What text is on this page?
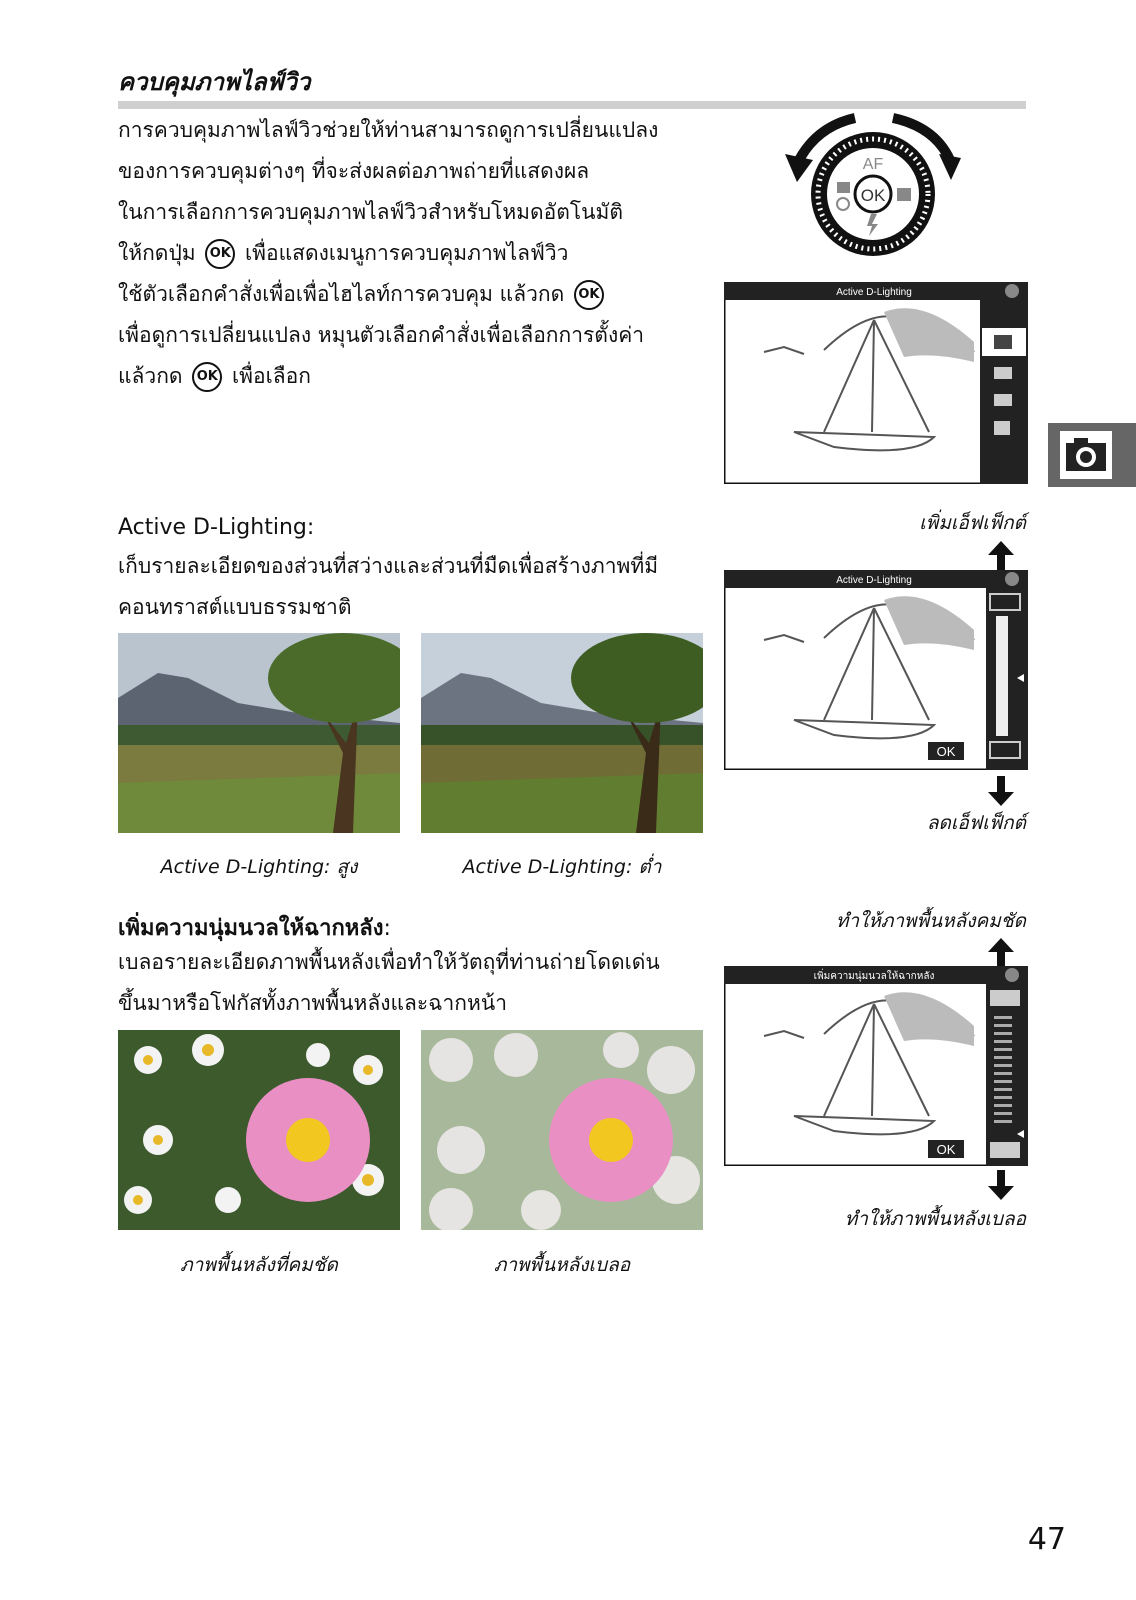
ควบคุมภาพไลฟ์วิว
การควบคุมภาพไลฟ์วิวช่วยให้ท่านสามารถดูการเปลี่ยนแปลง
ของการควบคุมต่างๆ ที่จะส่งผลต่อภาพถ่ายที่แสดงผล
ในการเลือกการควบคุมภาพไลฟ์วิวสำหรับโหมดอัตโนมัติ
ให้กดปุ่ม OK เพื่อแสดงเมนูการควบคุมภาพไลฟ์วิว
ใช้ตัวเลือกคำสั่งเพื่อเพื่อไฮไลท์การควบคุม แล้วกด OK
เพื่อดูการเปลี่ยนแปลง หมุนตัวเลือกคำสั่งเพื่อเลือกการตั้งค่า
แล้วกด OK เพื่อเลือก
OK
AF
Active D-Lighting
Active D-Lighting:
เก็บรายละเอียดของส่วนที่สว่างและส่วนที่มืดเพื่อสร้างภาพที่มี
คอนทราสต์แบบธรรมชาติ
เพิ่มเอ็ฟเฟ็กต์
Active D-Lighting
OK
ลดเอ็ฟเฟ็กต์
Active D-Lighting: สูง	Active D-Lighting: ต่ำ
เพิ่มความนุ่มนวลให้ฉากหลัง:
เบลอรายละเอียดภาพพื้นหลังเพื่อทำให้วัตถุที่ท่านถ่ายโดดเด่น
ขึ้นมาหรือโฟกัสทั้งภาพพื้นหลังและฉากหน้า
ทำให้ภาพพื้นหลังคมชัด
เพิ่มความนุ่มนวลให้ฉากหลัง
OK
ทำให้ภาพพื้นหลังเบลอ
ภาพพื้นหลังที่คมชัด	ภาพพื้นหลังเบลอ
47
